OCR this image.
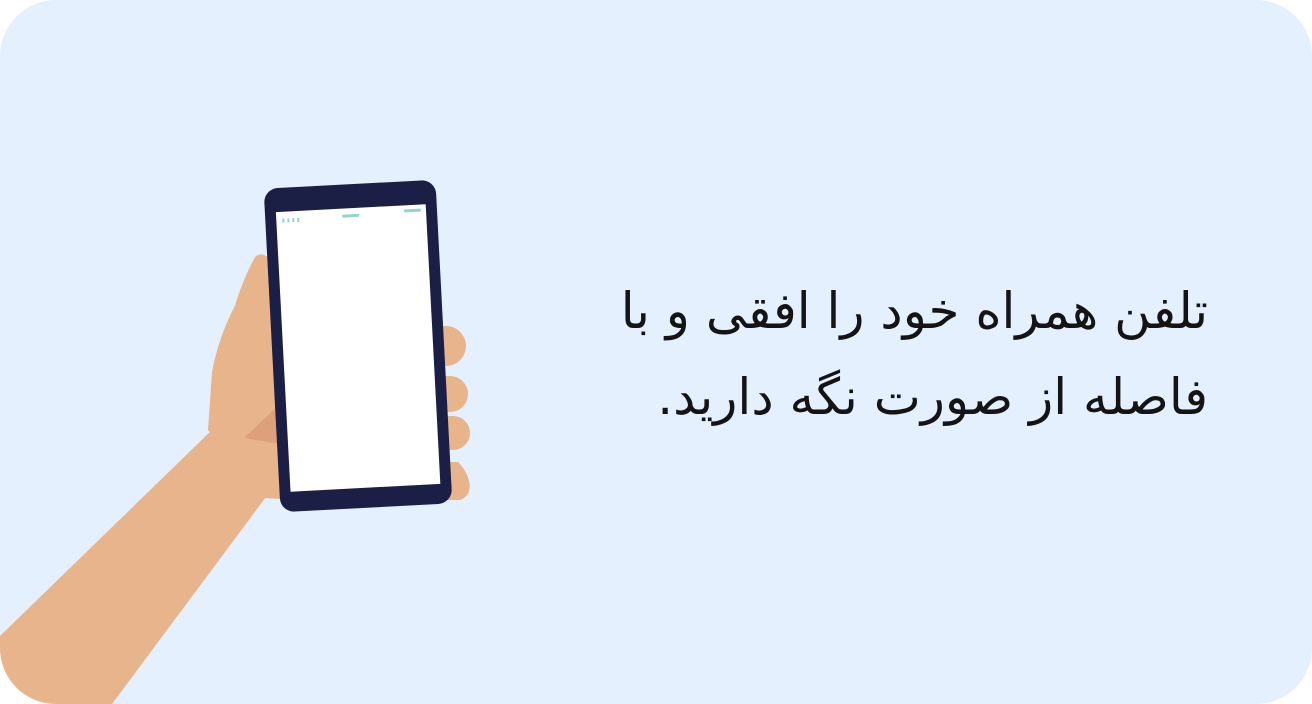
تلفن همراه خود را افقی و با
فاصله از صورت نگه دارید.
